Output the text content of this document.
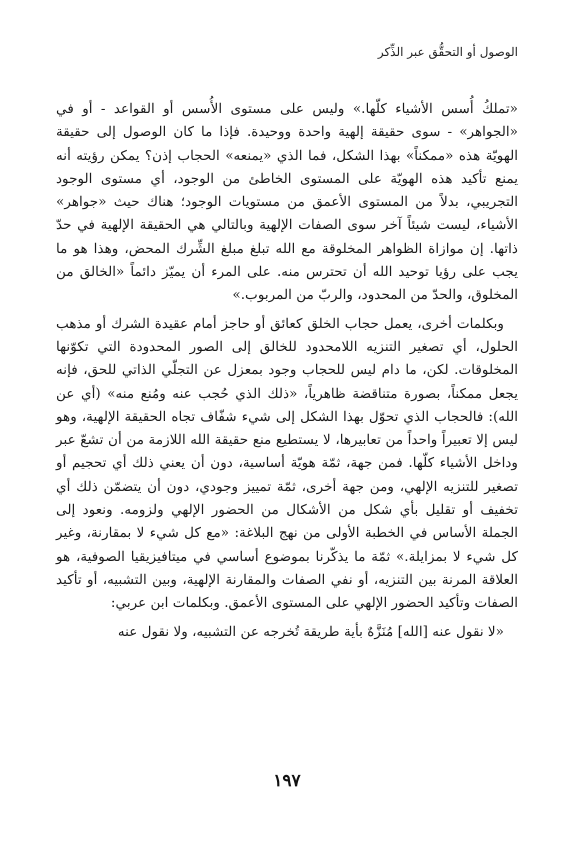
الوصول أو التحقُّق عبر الذِّكر

«تملكُ أُسس الأشياء كلّها.» وليس على مستوى الأُسس أو القواعد - أو في «الجواهر» - سوى حقيقة إلهية واحدة ووحيدة. فإذا ما كان الوصول إلى حقيقة الهويّة هذه «ممكناً» بهذا الشكل، فما الذي «يمنعه» الحجاب إذن؟ يمكن رؤيته أنه يمنع تأكيد هذه الهويّة على المستوى الخاطئ من الوجود، أي مستوى الوجود التجريبي، بدلاً من المستوى الأعمق من مستويات الوجود؛ هناك حيث «جواهر» الأشياء، ليست شيئاً آخر سوى الصفات الإلهية وبالتالي هي الحقيقة الإلهية في حدّ ذاتها. إن موازاة الظواهر المخلوقة مع الله تبلغ مبلغ الشِّرك المحض، وهذا هو ما يجب على رؤيا توحيد الله أن تحترس منه. على المرء أن يميّز دائماً «الخالق من المخلوق، والحدّ من المحدود، والربّ من المربوب.»

وبكلمات أخرى، يعمل حجاب الخلق كعائق أو حاجز أمام عقيدة الشرك أو مذهب الحلول، أي تصغير التنزيه اللامحدود للخالق إلى الصور المحدودة التي تكوّنها المخلوقات. لكن، ما دام ليس للحجاب وجود بمعزل عن التجلّي الذاتي للحق، فإنه يجعل ممكناً، بصورة متناقضة ظاهرياً، «ذلك الذي حُجب عنه ومُنع منه» (أي عن الله): فالحجاب الذي تحوّل بهذا الشكل إلى شيء شفّاف تجاه الحقيقة الإلهية، وهو ليس إلا تعبيراً واحداً من تعابيرها، لا يستطيع منع حقيقة الله اللازمة من أن تشعّ عبر وداخل الأشياء كلّها. فمن جهة، ثمّة هويّة أساسية، دون أن يعني ذلك أي تحجيم أو تصغير للتنزيه الإلهي، ومن جهة أخرى، ثمّة تمييز وجودي، دون أن يتضمّن ذلك أي تخفيف أو تقليل بأي شكل من الأشكال من الحضور الإلهي ولزومه. ونعود إلى الجملة الأساس في الخطبة الأولى من نهج البلاغة: «مع كل شيء لا بمقارنة، وغير كل شيء لا بمزايلة.» ثمّة ما يذكّرنا بموضوع أساسي في ميتافيزيقيا الصوفية، هو العلاقة المرنة بين التنزيه، أو نفي الصفات والمقارنة الإلهية، وبين التشبيه، أو تأكيد الصفات وتأكيد الحضور الإلهي على المستوى الأعمق. وبكلمات ابن عربي:

«لا نقول عنه [الله] مُنَزَّهٌ بأية طريقة تُخرجه عن التشبيه، ولا نقول عنه

١٩٧
